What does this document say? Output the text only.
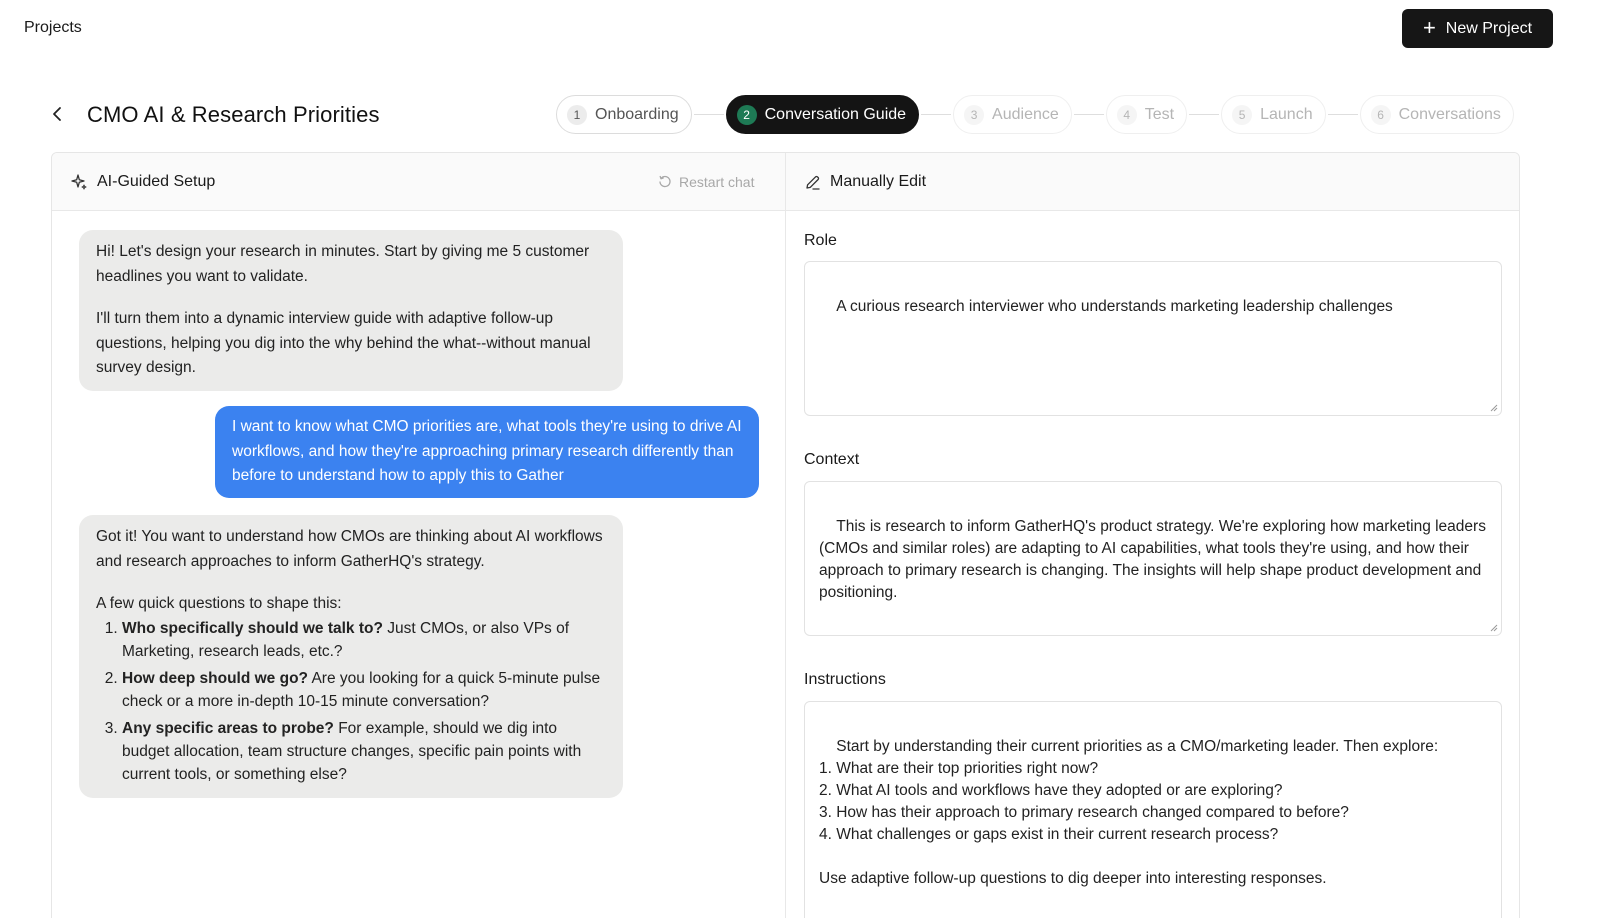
Projects	+ New Project
CMO AI & Research Priorities	1 Onboarding	2 Conversation Guide	3 Audience	4 Test	5 Launch	6 Conversations
AI-Guided Setup	Restart chat	Manually Edit

Hi! Let's design your research in minutes. Start by giving me 5 customer headlines you want to validate.

I'll turn them into a dynamic interview guide with adaptive follow-up questions, helping you dig into the why behind the what--without manual survey design.

I want to know what CMO priorities are, what tools they're using to drive AI workflows, and how they're approaching primary research differently than before to understand how to apply this to Gather

Got it! You want to understand how CMOs are thinking about AI workflows and research approaches to inform GatherHQ's strategy.

A few quick questions to shape this:

1. Who specifically should we talk to? Just CMOs, or also VPs of Marketing, research leads, etc.?
2. How deep should we go? Are you looking for a quick 5-minute pulse check or a more in-depth 10-15 minute conversation?
3. Any specific areas to probe? For example, should we dig into budget allocation, team structure changes, specific pain points with current tools, or something else?
Role

A curious research interviewer who understands marketing leadership challenges

Context

This is research to inform GatherHQ's product strategy. We're exploring how marketing leaders (CMOs and similar roles) are adapting to AI capabilities, what tools they're using, and how their approach to primary research is changing. The insights will help shape product development and positioning.

Instructions

Start by understanding their current priorities as a CMO/marketing leader. Then explore:
1. What are their top priorities right now?
2. What AI tools and workflows have they adopted or are exploring?
3. How has their approach to primary research changed compared to before?
4. What challenges or gaps exist in their current research process?

Use adaptive follow-up questions to dig deeper into interesting responses.
